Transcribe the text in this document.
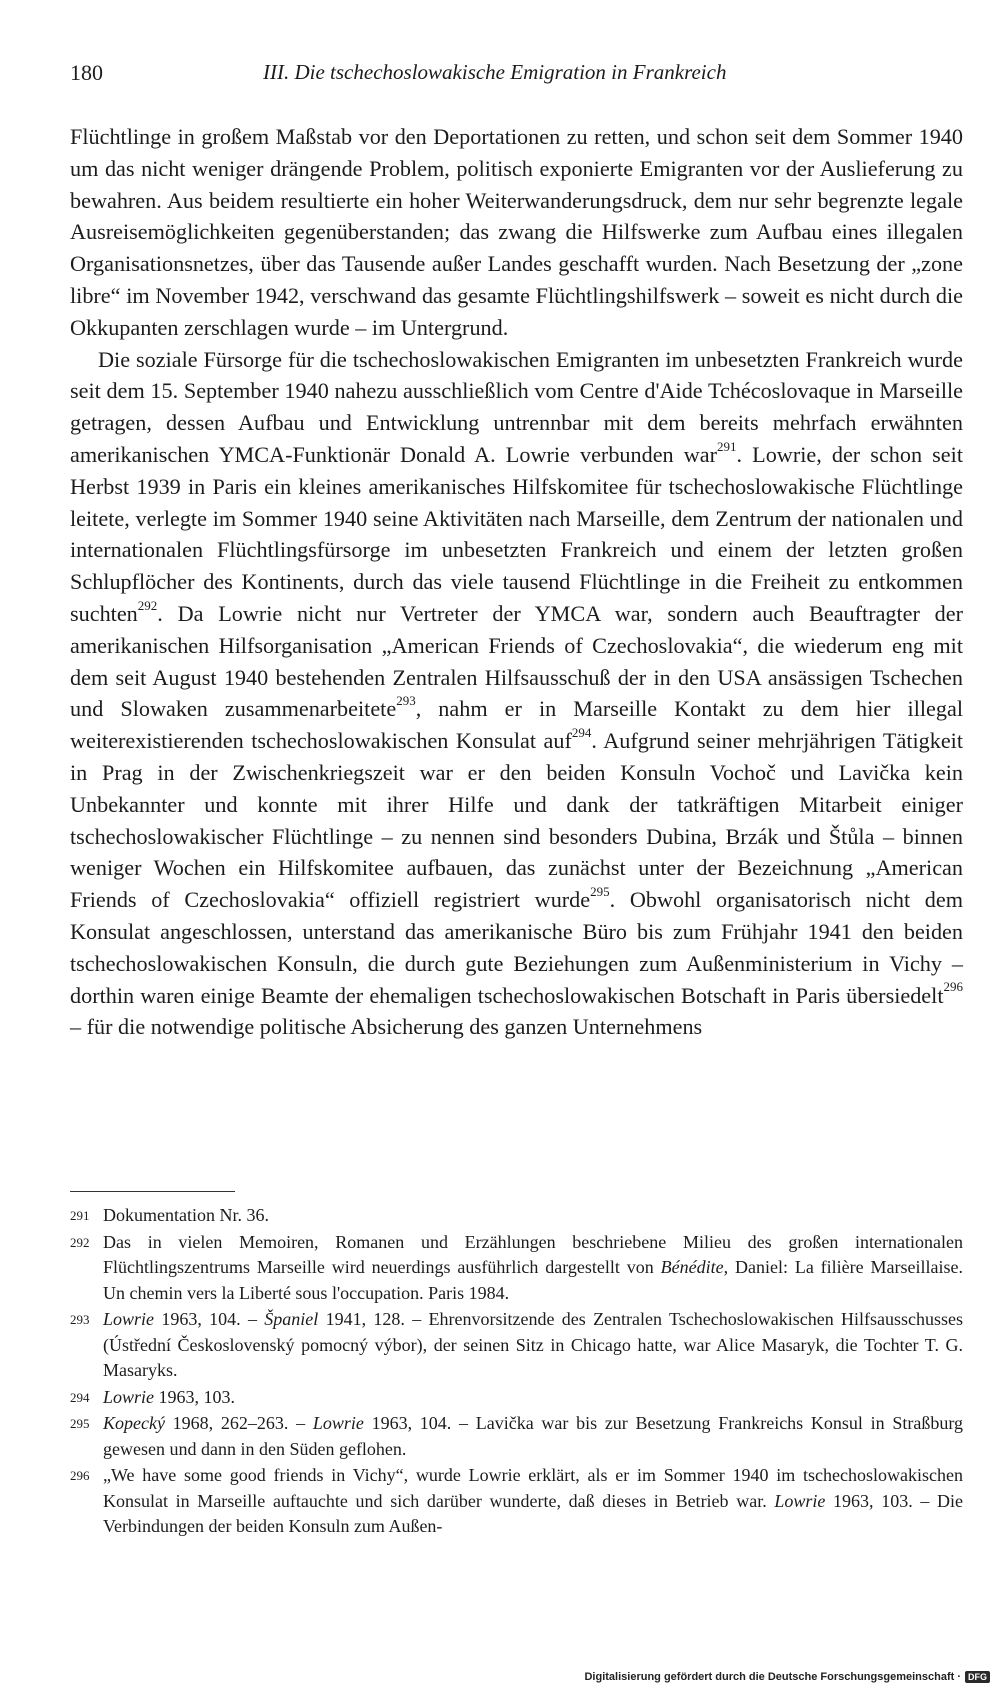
180	III. Die tschechoslowakische Emigration in Frankreich

Flüchtlinge in großem Maßstab vor den Deportationen zu retten, und schon seit dem Sommer 1940 um das nicht weniger drängende Problem, politisch exponierte Emigranten vor der Auslieferung zu bewahren. Aus beidem resultierte ein hoher Weiterwanderungsdruck, dem nur sehr begrenzte legale Ausreisemöglichkeiten gegenüberstanden; das zwang die Hilfswerke zum Aufbau eines illegalen Organisationsnetzes, über das Tausende außer Landes geschafft wurden. Nach Besetzung der „zone libre“ im November 1942, verschwand das gesamte Flüchtlingshilfswerk – soweit es nicht durch die Okkupanten zerschlagen wurde – im Untergrund.

Die soziale Fürsorge für die tschechoslowakischen Emigranten im unbesetzten Frankreich wurde seit dem 15. September 1940 nahezu ausschließlich vom Centre d'Aide Tchécoslovaque in Marseille getragen, dessen Aufbau und Entwicklung untrennbar mit dem bereits mehrfach erwähnten amerikanischen YMCA-Funktionär Donald A. Lowrie verbunden war$^{291}$. Lowrie, der schon seit Herbst 1939 in Paris ein kleines amerikanisches Hilfskomitee für tschechoslowakische Flüchtlinge leitete, verlegte im Sommer 1940 seine Aktivitäten nach Marseille, dem Zentrum der nationalen und internationalen Flüchtlingsfürsorge im unbesetzten Frankreich und einem der letzten großen Schlupflöcher des Kontinents, durch das viele tausend Flüchtlinge in die Freiheit zu entkommen suchten$^{292}$. Da Lowrie nicht nur Vertreter der YMCA war, sondern auch Beauftragter der amerikanischen Hilfsorganisation „American Friends of Czechoslovakia“, die wiederum eng mit dem seit August 1940 bestehenden Zentralen Hilfsausschuß der in den USA ansässigen Tschechen und Slowaken zusammenarbeitete$^{293}$, nahm er in Marseille Kontakt zu dem hier illegal weiterexistierenden tschechoslowakischen Konsulat auf$^{294}$. Aufgrund seiner mehrjährigen Tätigkeit in Prag in der Zwischenkriegszeit war er den beiden Konsuln Vochoč und Lavička kein Unbekannter und konnte mit ihrer Hilfe und dank der tatkräftigen Mitarbeit einiger tschechoslowakischer Flüchtlinge – zu nennen sind besonders Dubina, Brzák und Štůla – binnen weniger Wochen ein Hilfskomitee aufbauen, das zunächst unter der Bezeichnung „American Friends of Czechoslovakia“ offiziell registriert wurde$^{295}$. Obwohl organisatorisch nicht dem Konsulat angeschlossen, unterstand das amerikanische Büro bis zum Frühjahr 1941 den beiden tschechoslowakischen Konsuln, die durch gute Beziehungen zum Außenministerium in Vichy – dorthin waren einige Beamte der ehemaligen tschechoslowakischen Botschaft in Paris übersiedelt$^{296}$ – für die notwendige politische Absicherung des ganzen Unternehmens

291 Dokumentation Nr. 36.

292 Das in vielen Memoiren, Romanen und Erzählungen beschriebene Milieu des großen internationalen Flüchtlingszentrums Marseille wird neuerdings ausführlich dargestellt von Bénédite, Daniel: La filière Marseillaise. Un chemin vers la Liberté sous l'occupation. Paris 1984.

293 Lowrie 1963, 104. – Španiel 1941, 128. – Ehrenvorsitzende des Zentralen Tschechoslowakischen Hilfsausschusses (Ústřední Československý pomocný výbor), der seinen Sitz in Chicago hatte, war Alice Masaryk, die Tochter T. G. Masaryks.

294 Lowrie 1963, 103.

295 Kopecký 1968, 262–263. – Lowrie 1963, 104. – Lavička war bis zur Besetzung Frankreichs Konsul in Straßburg gewesen und dann in den Süden geflohen.

296 „We have some good friends in Vichy“, wurde Lowrie erklärt, als er im Sommer 1940 im tschechoslowakischen Konsulat in Marseille auftauchte und sich darüber wunderte, daß dieses in Betrieb war. Lowrie 1963, 103. – Die Verbindungen der beiden Konsuln zum Außen-

Digitalisierung gefördert durch die Deutsche Forschungsgemeinschaft · DFG
